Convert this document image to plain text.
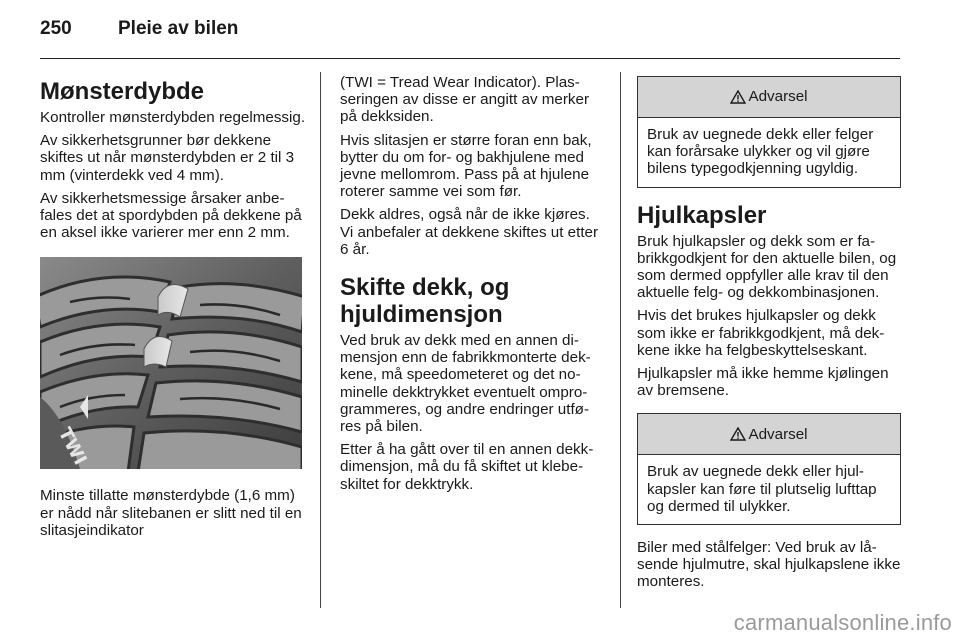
250	Pleie av bilen
Mønsterdybde

Kontroller mønsterdybden regelmessig.

Av sikkerhetsgrunner bør dekkene skiftes ut når mønsterdybden er 2 til 3 mm (vinterdekk ved 4 mm).

Av sikkerhetsmessige årsaker anbefales det at spordybden på dekkene på en aksel ikke varierer mer enn 2 mm.

TWI

Minste tillatte mønsterdybde (1,6 mm) er nådd når slitebanen er slitt ned til en slitasjeindikator

(TWI = Tread Wear Indicator). Plasseringen av disse er angitt av merker på dekksiden.

Hvis slitasjen er større foran enn bak, bytter du om for- og bakhjulene med jevne mellomrom. Pass på at hjulene roterer samme vei som før.

Dekk aldres, også når de ikke kjøres. Vi anbefaler at dekkene skiftes ut etter 6 år.

Skifte dekk, og hjuldimensjon

Ved bruk av dekk med en annen dimensjon enn de fabrikkmonterte dekkene, må speedometeret og det nominelle dekktrykket eventuelt omprogrammeres, og andre endringer utføres på bilen.

Etter å ha gått over til en annen dekkdimensjon, må du få skiftet ut klebeskiltet for dekktrykk.

Advarsel
Bruk av uegnede dekk eller felger kan forårsake ulykker og vil gjøre bilens typegodkjenning ugyldig.
Hjulkapsler

Bruk hjulkapsler og dekk som er fabrikkgodkjent for den aktuelle bilen, og som dermed oppfyller alle krav til den aktuelle felg- og dekkombinasjonen.

Hvis det brukes hjulkapsler og dekk som ikke er fabrikkgodkjent, må dekkene ikke ha felgbeskyttelseskant.

Hjulkapsler må ikke hemme kjølingen av bremsene.

Advarsel
Bruk av uegnede dekk eller hjulkapsler kan føre til plutselig lufttap og dermed til ulykker.

Biler med stålfelger: Ved bruk av låsende hjulmutre, skal hjulkapslene ikke monteres.

carmanualsonline.info
